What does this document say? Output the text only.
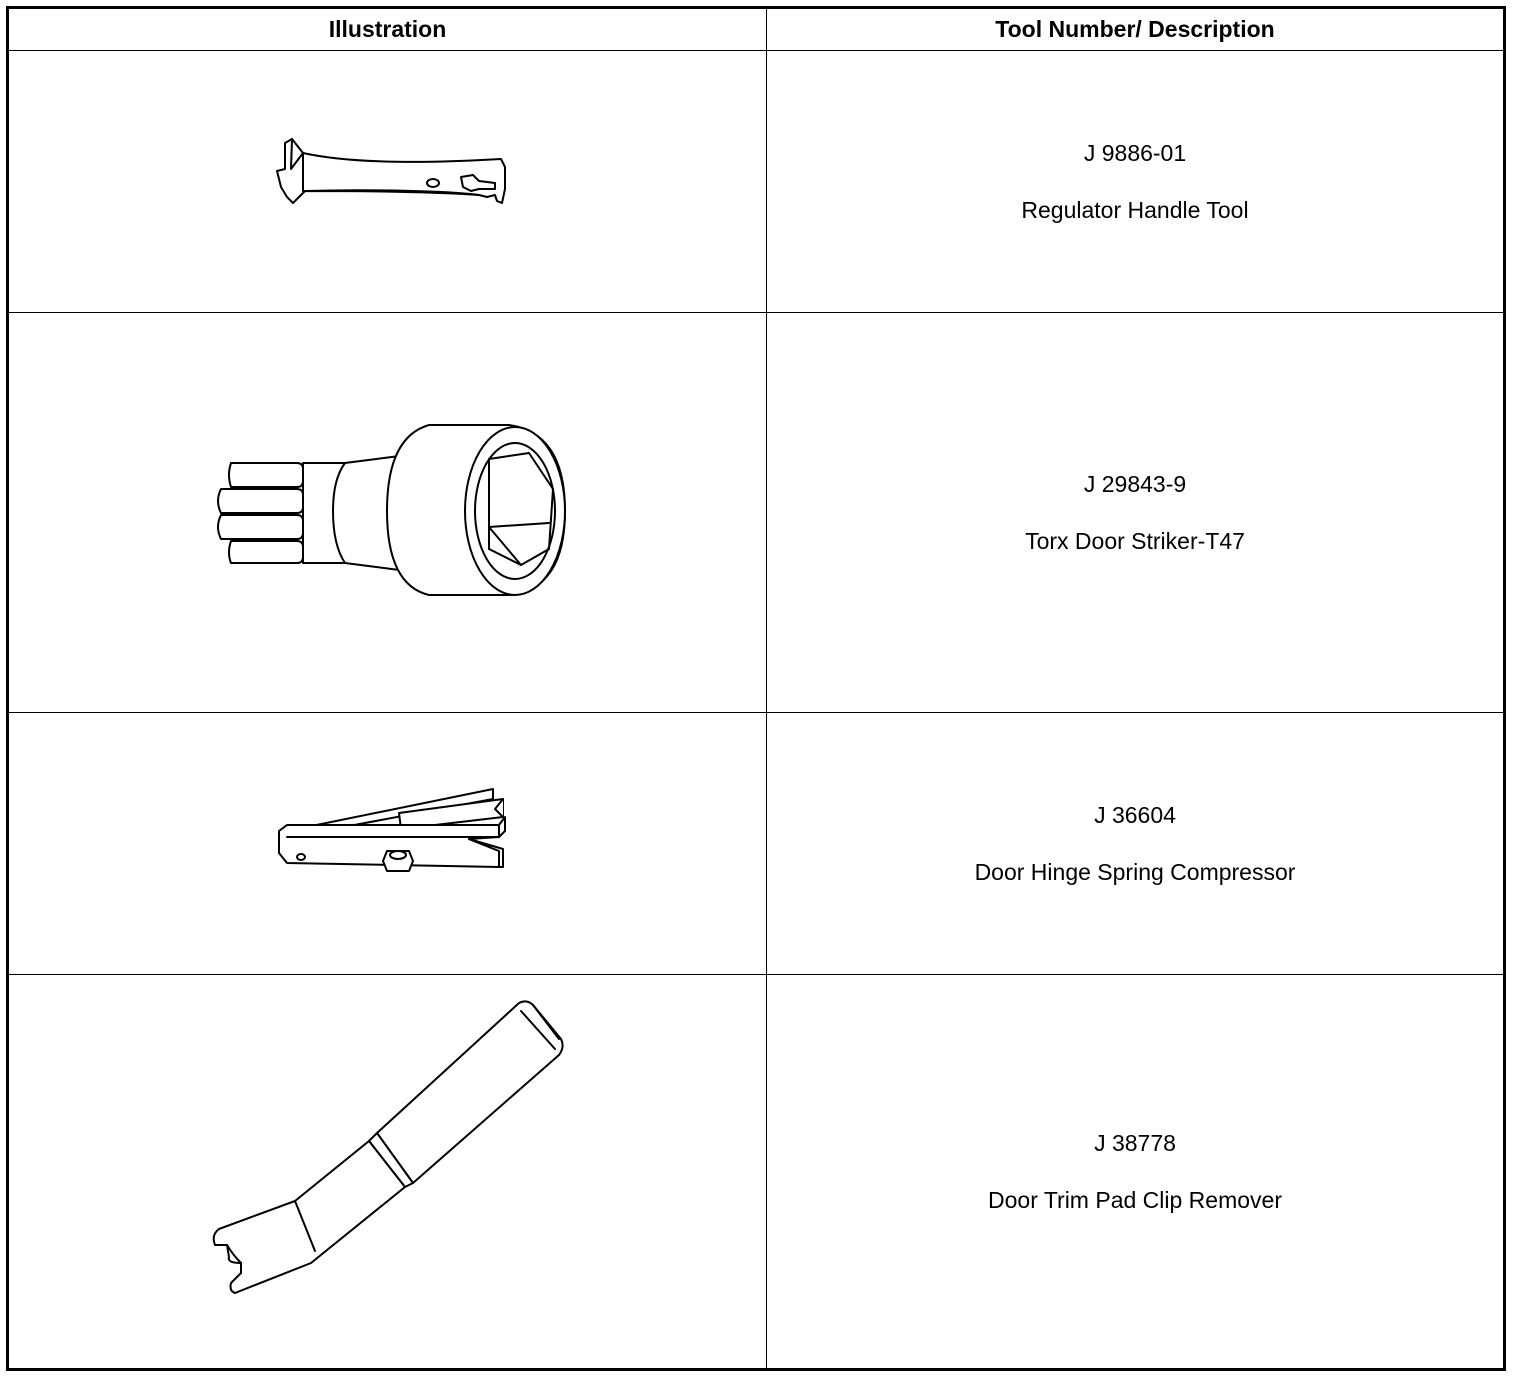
Illustration	Tool Number/ Description
J 9886-01
Regulator Handle Tool
J 29843-9
Torx Door Striker-T47
J 36604
Door Hinge Spring Compressor
J 38778
Door Trim Pad Clip Remover
